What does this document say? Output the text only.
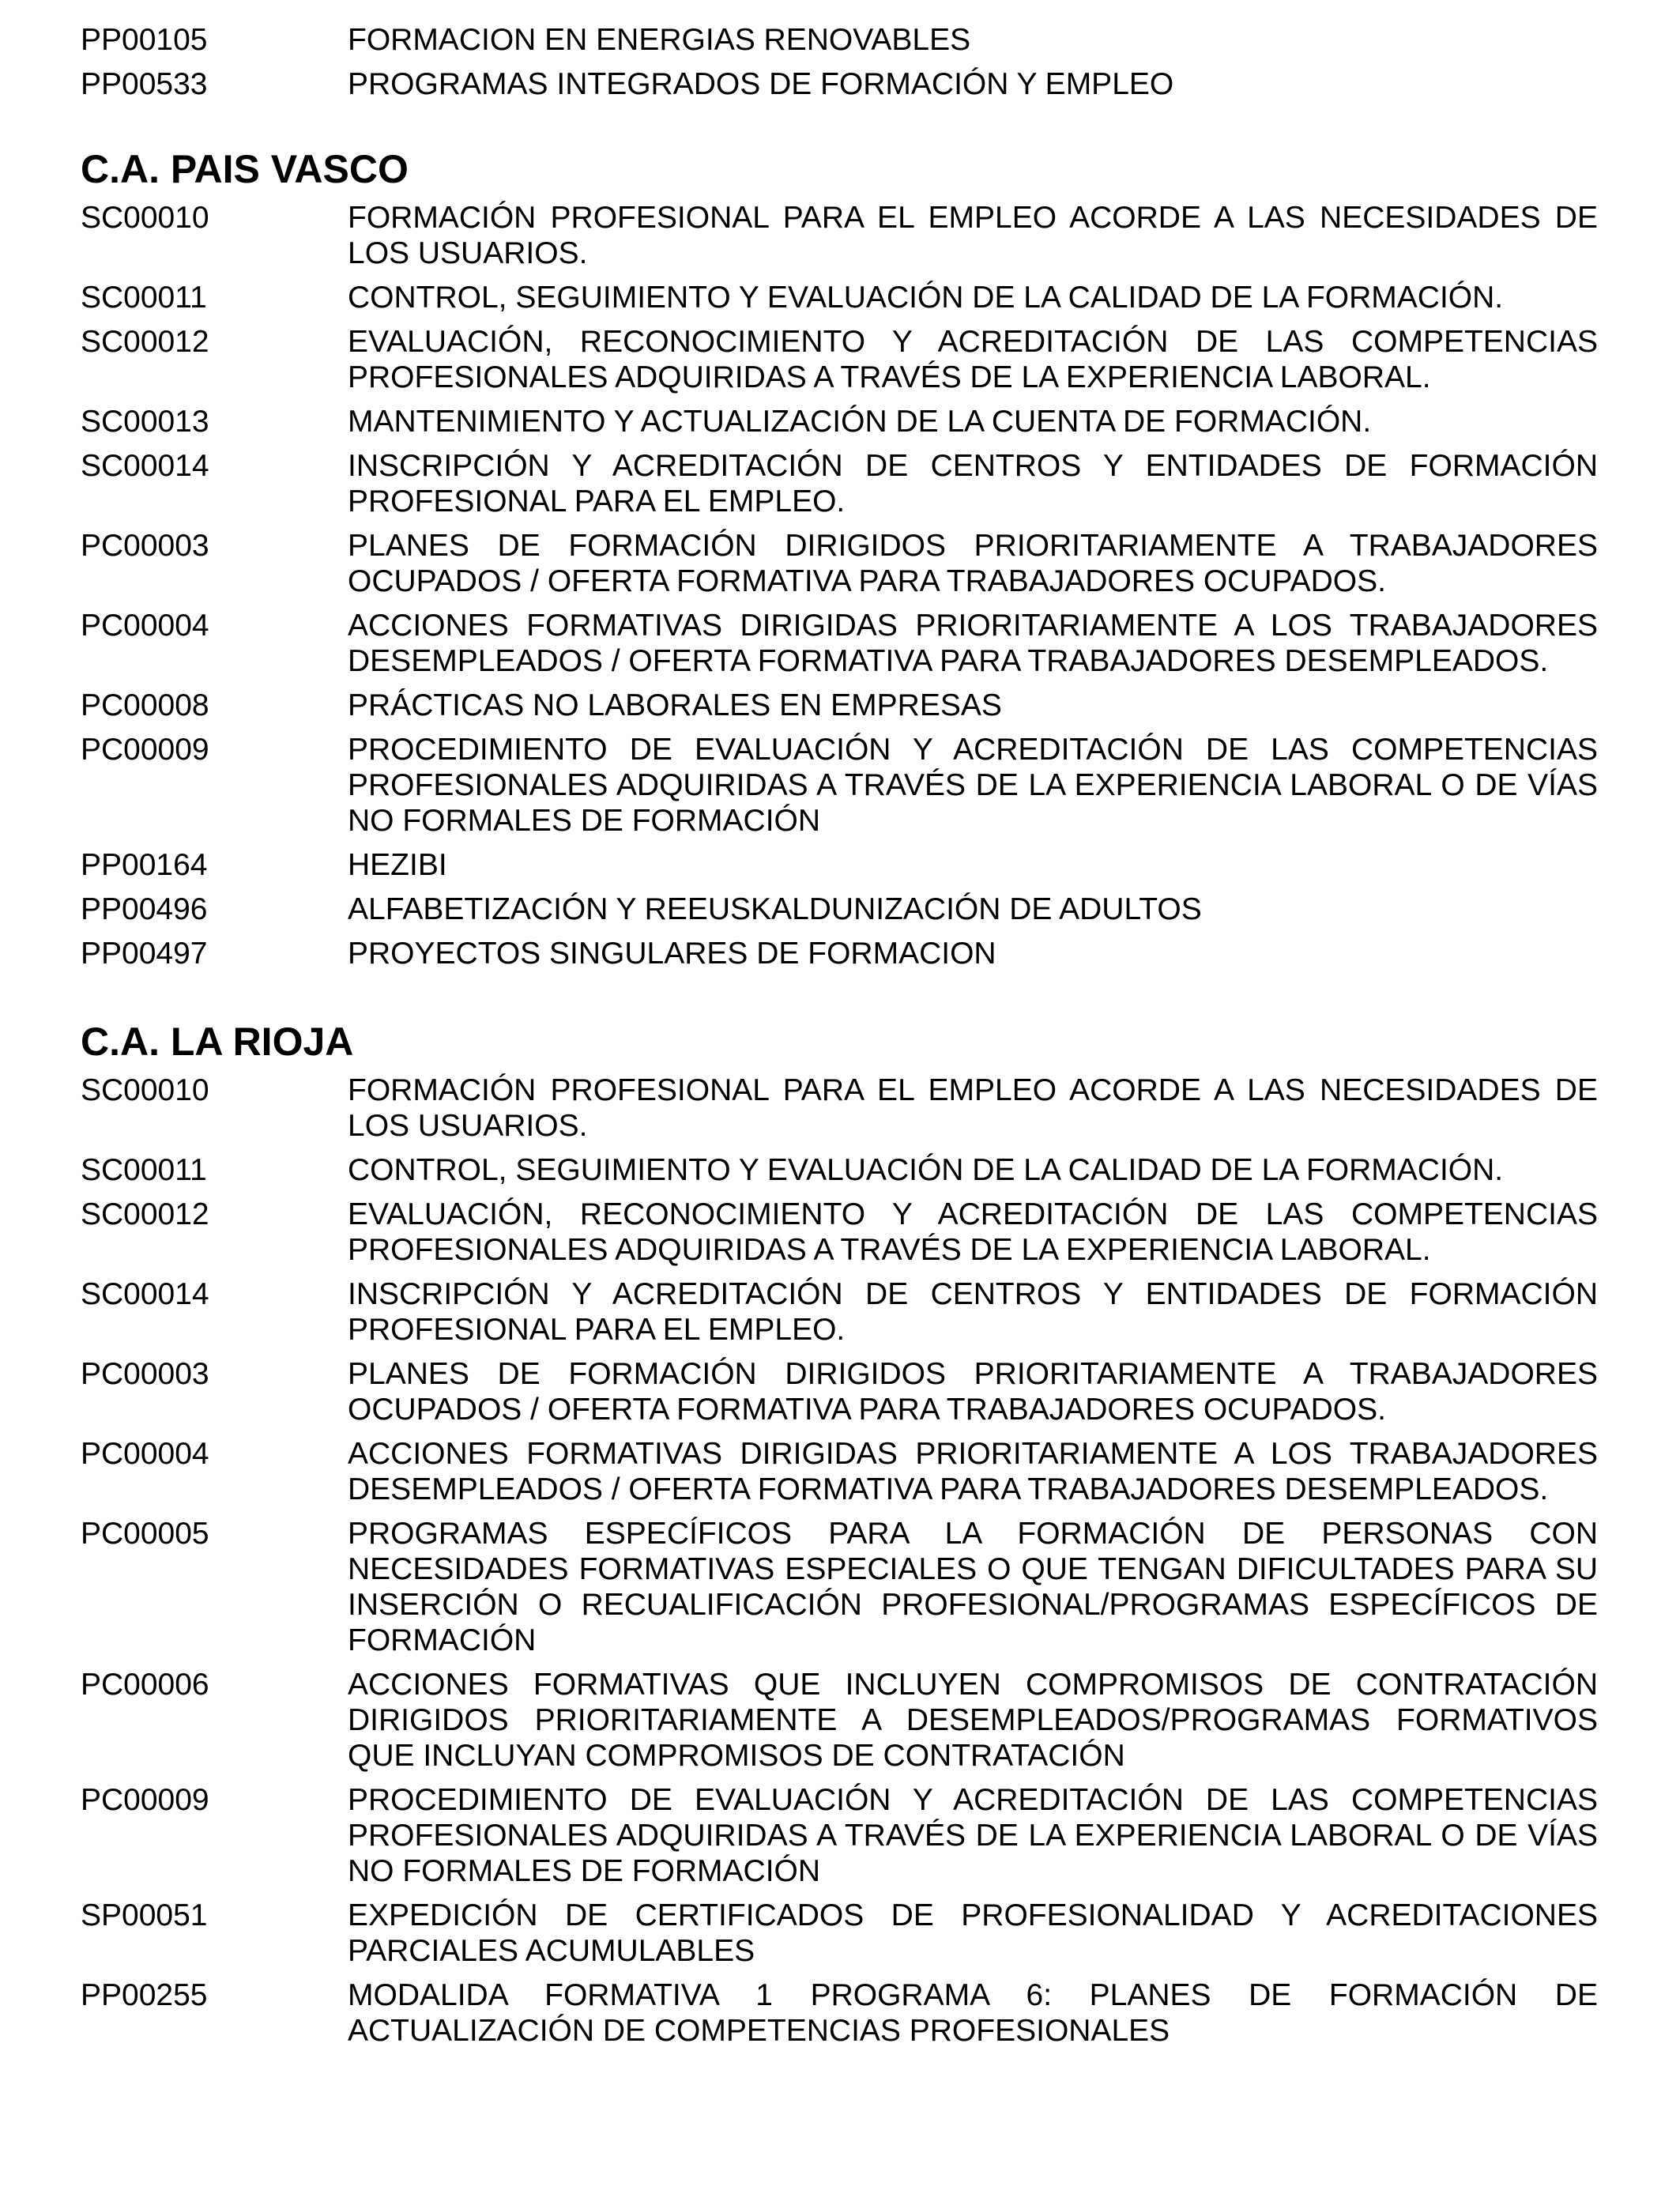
PP00105	FORMACION EN ENERGIAS RENOVABLES
PP00533	PROGRAMAS INTEGRADOS DE FORMACIÓN Y EMPLEO
C.A. PAIS VASCO
SC00010	FORMACIÓN PROFESIONAL PARA EL EMPLEO ACORDE A LAS NECESIDADES DE LOS USUARIOS.
SC00011	CONTROL, SEGUIMIENTO Y EVALUACIÓN DE LA CALIDAD DE LA FORMACIÓN.
SC00012	EVALUACIÓN, RECONOCIMIENTO Y ACREDITACIÓN DE LAS COMPETENCIAS PROFESIONALES ADQUIRIDAS A TRAVÉS DE LA EXPERIENCIA LABORAL.
SC00013	MANTENIMIENTO Y ACTUALIZACIÓN DE LA CUENTA DE FORMACIÓN.
SC00014	INSCRIPCIÓN Y ACREDITACIÓN DE CENTROS Y ENTIDADES DE FORMACIÓN PROFESIONAL PARA EL EMPLEO.
PC00003	PLANES DE FORMACIÓN DIRIGIDOS PRIORITARIAMENTE A TRABAJADORES OCUPADOS / OFERTA FORMATIVA PARA TRABAJADORES OCUPADOS.
PC00004	ACCIONES FORMATIVAS DIRIGIDAS PRIORITARIAMENTE A LOS TRABAJADORES DESEMPLEADOS / OFERTA FORMATIVA PARA TRABAJADORES DESEMPLEADOS.
PC00008	PRÁCTICAS NO LABORALES EN EMPRESAS
PC00009	PROCEDIMIENTO DE EVALUACIÓN Y ACREDITACIÓN DE LAS COMPETENCIAS PROFESIONALES ADQUIRIDAS A TRAVÉS DE LA EXPERIENCIA LABORAL O DE VÍAS NO FORMALES DE FORMACIÓN
PP00164	HEZIBI
PP00496	ALFABETIZACIÓN Y REEUSKALDUNIZACIÓN DE ADULTOS
PP00497	PROYECTOS SINGULARES DE FORMACION
C.A. LA RIOJA
SC00010	FORMACIÓN PROFESIONAL PARA EL EMPLEO ACORDE A LAS NECESIDADES DE LOS USUARIOS.
SC00011	CONTROL, SEGUIMIENTO Y EVALUACIÓN DE LA CALIDAD DE LA FORMACIÓN.
SC00012	EVALUACIÓN, RECONOCIMIENTO Y ACREDITACIÓN DE LAS COMPETENCIAS PROFESIONALES ADQUIRIDAS A TRAVÉS DE LA EXPERIENCIA LABORAL.
SC00014	INSCRIPCIÓN Y ACREDITACIÓN DE CENTROS Y ENTIDADES DE FORMACIÓN PROFESIONAL PARA EL EMPLEO.
PC00003	PLANES DE FORMACIÓN DIRIGIDOS PRIORITARIAMENTE A TRABAJADORES OCUPADOS / OFERTA FORMATIVA PARA TRABAJADORES OCUPADOS.
PC00004	ACCIONES FORMATIVAS DIRIGIDAS PRIORITARIAMENTE A LOS TRABAJADORES DESEMPLEADOS / OFERTA FORMATIVA PARA TRABAJADORES DESEMPLEADOS.
PC00005	PROGRAMAS ESPECÍFICOS PARA LA FORMACIÓN DE PERSONAS CON NECESIDADES FORMATIVAS ESPECIALES O QUE TENGAN DIFICULTADES PARA SU INSERCIÓN O RECUALIFICACIÓN PROFESIONAL/PROGRAMAS ESPECÍFICOS DE FORMACIÓN
PC00006	ACCIONES FORMATIVAS QUE INCLUYEN COMPROMISOS DE CONTRATACIÓN DIRIGIDOS PRIORITARIAMENTE A DESEMPLEADOS/PROGRAMAS FORMATIVOS QUE INCLUYAN COMPROMISOS DE CONTRATACIÓN
PC00009	PROCEDIMIENTO DE EVALUACIÓN Y ACREDITACIÓN DE LAS COMPETENCIAS PROFESIONALES ADQUIRIDAS A TRAVÉS DE LA EXPERIENCIA LABORAL O DE VÍAS NO FORMALES DE FORMACIÓN
SP00051	EXPEDICIÓN DE CERTIFICADOS DE PROFESIONALIDAD Y ACREDITACIONES PARCIALES ACUMULABLES
PP00255	MODALIDA FORMATIVA 1 PROGRAMA 6: PLANES DE FORMACIÓN DE ACTUALIZACIÓN DE COMPETENCIAS PROFESIONALES
